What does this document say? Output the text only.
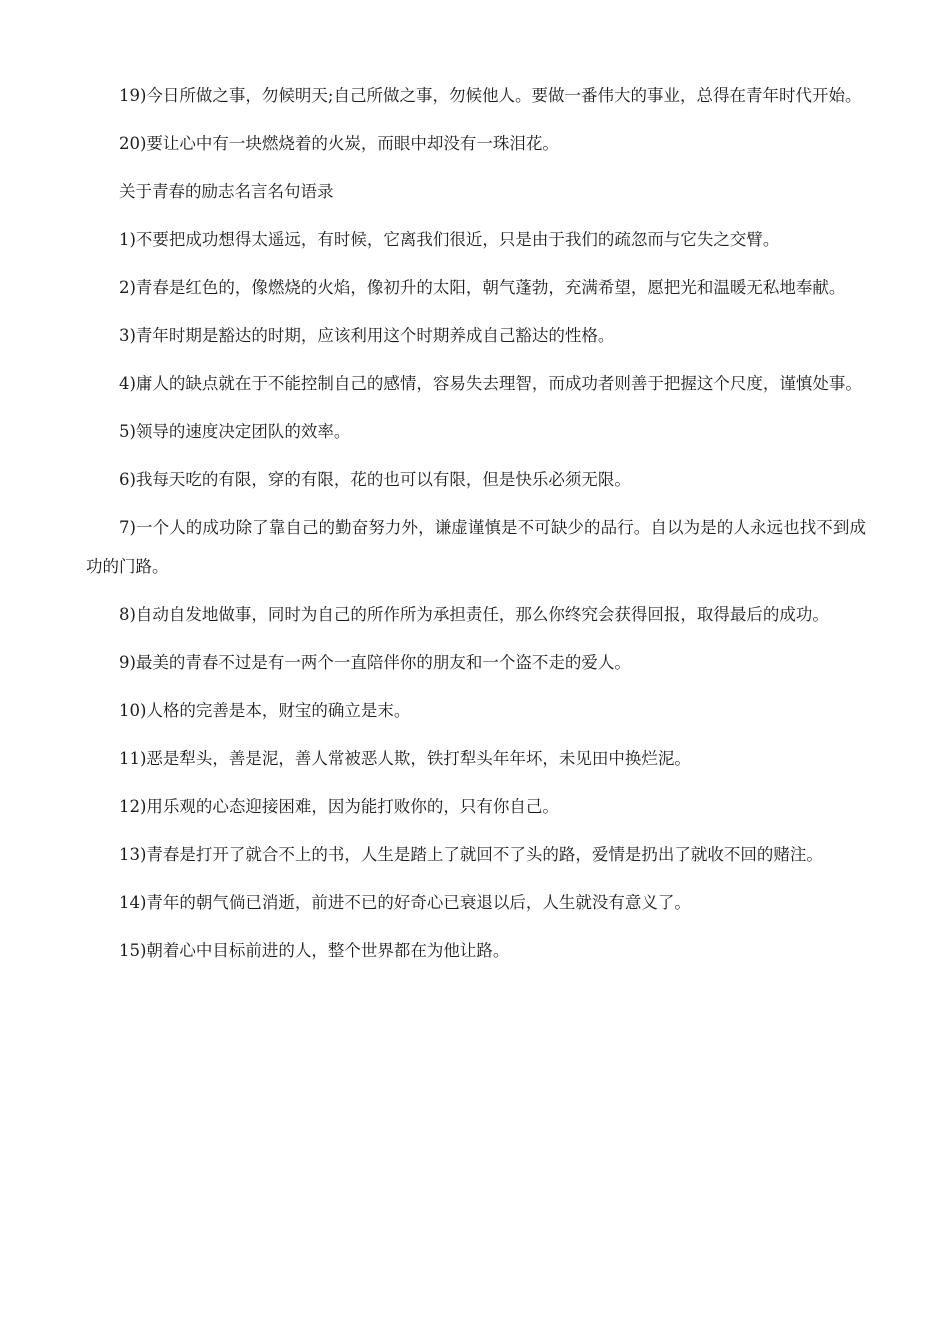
19)今日所做之事，勿候明天;自己所做之事，勿候他人。要做一番伟大的事业，总得在青年时代开始。

20)要让心中有一块燃烧着的火炭，而眼中却没有一珠泪花。

关于青春的励志名言名句语录

1)不要把成功想得太遥远，有时候，它离我们很近，只是由于我们的疏忽而与它失之交臂。

2)青春是红色的，像燃烧的火焰，像初升的太阳，朝气蓬勃，充满希望，愿把光和温暖无私地奉献。

3)青年时期是豁达的时期，应该利用这个时期养成自己豁达的性格。

4)庸人的缺点就在于不能控制自己的感情，容易失去理智，而成功者则善于把握这个尺度，谨慎处事。

5)领导的速度决定团队的效率。

6)我每天吃的有限，穿的有限，花的也可以有限，但是快乐必须无限。

7)一个人的成功除了靠自己的勤奋努力外，谦虚谨慎是不可缺少的品行。自以为是的人永远也找不到成功的门路。

8)自动自发地做事，同时为自己的所作所为承担责任，那么你终究会获得回报，取得最后的成功。

9)最美的青春不过是有一两个一直陪伴你的朋友和一个盗不走的爱人。

10)人格的完善是本，财宝的确立是末。

11)恶是犁头，善是泥，善人常被恶人欺，铁打犁头年年坏，未见田中换烂泥。

12)用乐观的心态迎接困难，因为能打败你的，只有你自己。

13)青春是打开了就合不上的书，人生是踏上了就回不了头的路，爱情是扔出了就收不回的赌注。

14)青年的朝气倘已消逝，前进不已的好奇心已衰退以后，人生就没有意义了。

15)朝着心中目标前进的人，整个世界都在为他让路。
